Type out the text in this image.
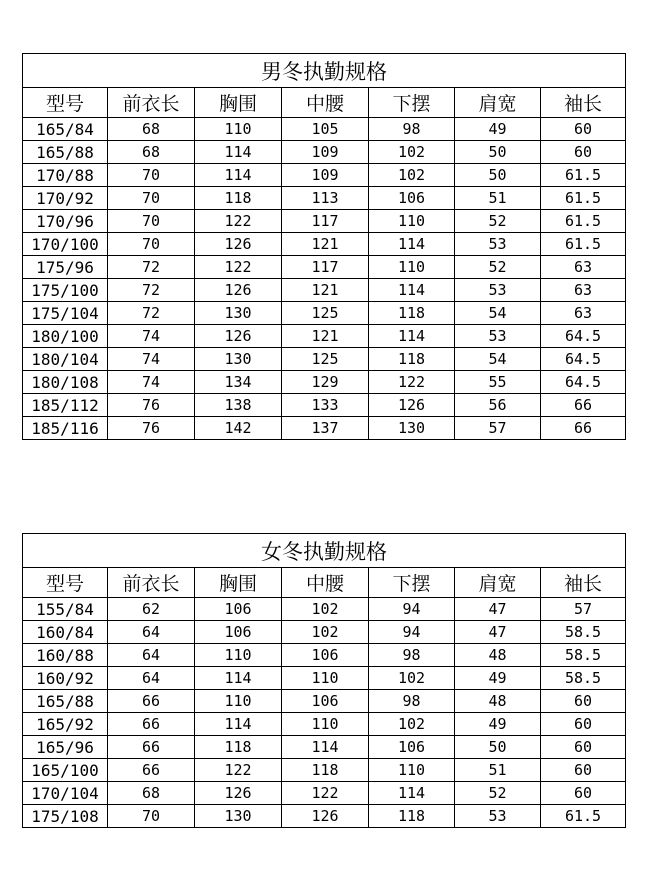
男冬执勤规格						
型号	前衣长	胸围	中腰	下摆	肩宽	袖长
165/84	68	110	105	98	49	60
165/88	68	114	109	102	50	60
170/88	70	114	109	102	50	61.5
170/92	70	118	113	106	51	61.5
170/96	70	122	117	110	52	61.5
170/100	70	126	121	114	53	61.5
175/96	72	122	117	110	52	63
175/100	72	126	121	114	53	63
175/104	72	130	125	118	54	63
180/100	74	126	121	114	53	64.5
180/104	74	130	125	118	54	64.5
180/108	74	134	129	122	55	64.5
185/112	76	138	133	126	56	66
185/116	76	142	137	130	57	66
女冬执勤规格						
型号	前衣长	胸围	中腰	下摆	肩宽	袖长
155/84	62	106	102	94	47	57
160/84	64	106	102	94	47	58.5
160/88	64	110	106	98	48	58.5
160/92	64	114	110	102	49	58.5
165/88	66	110	106	98	48	60
165/92	66	114	110	102	49	60
165/96	66	118	114	106	50	60
165/100	66	122	118	110	51	60
170/104	68	126	122	114	52	60
175/108	70	130	126	118	53	61.5
